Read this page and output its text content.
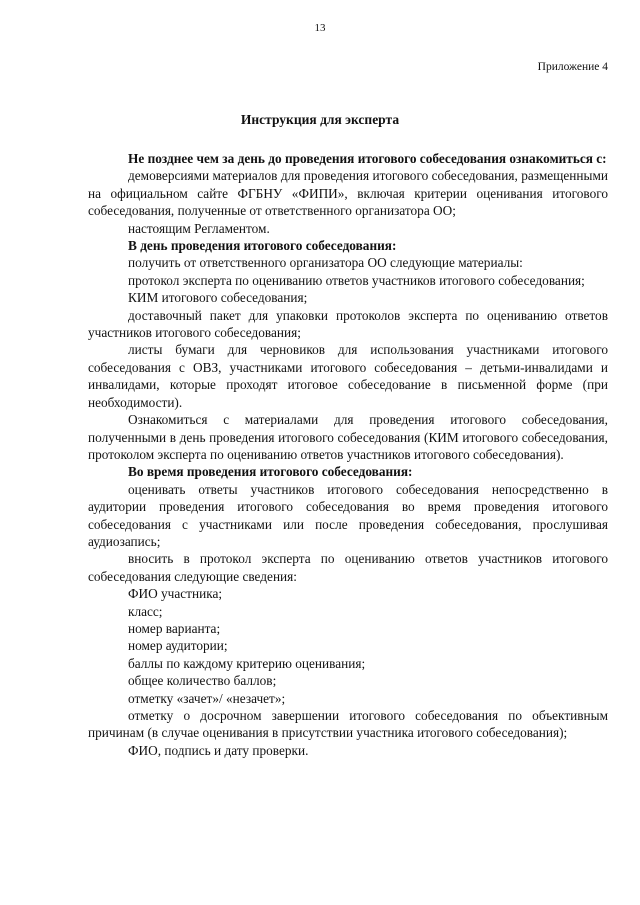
13
Приложение 4
Инструкция для эксперта

Не позднее чем за день до проведения итогового собеседования ознакомиться с:

демоверсиями материалов для проведения итогового собеседования, размещенными на официальном сайте ФГБНУ «ФИПИ», включая критерии оценивания итогового собеседования, полученные от ответственного организатора ОО;

настоящим Регламентом.

В день проведения итогового собеседования:

получить от ответственного организатора ОО следующие материалы:

протокол эксперта по оцениванию ответов участников итогового собеседования;

КИМ итогового собеседования;

доставочный пакет для упаковки протоколов эксперта по оцениванию ответов участников итогового собеседования;

листы бумаги для черновиков для использования участниками итогового собеседования с ОВЗ, участниками итогового собеседования – детьми-инвалидами и инвалидами, которые проходят итоговое собеседование в письменной форме (при необходимости).

Ознакомиться с материалами для проведения итогового собеседования, полученными в день проведения итогового собеседования (КИМ итогового собеседования, протоколом эксперта по оцениванию ответов участников итогового собеседования).

Во время проведения итогового собеседования:

оценивать ответы участников итогового собеседования непосредственно в аудитории проведения итогового собеседования во время проведения итогового собеседования с участниками или после проведения собеседования, прослушивая аудиозапись;

вносить в протокол эксперта по оцениванию ответов участников итогового собеседования следующие сведения:

ФИО участника;

класс;

номер варианта;

номер аудитории;

баллы по каждому критерию оценивания;

общее количество баллов;

отметку «зачет»/ «незачет»;

отметку о досрочном завершении итогового собеседования по объективным причинам (в случае оценивания в присутствии участника итогового собеседования);

ФИО, подпись и дату проверки.
